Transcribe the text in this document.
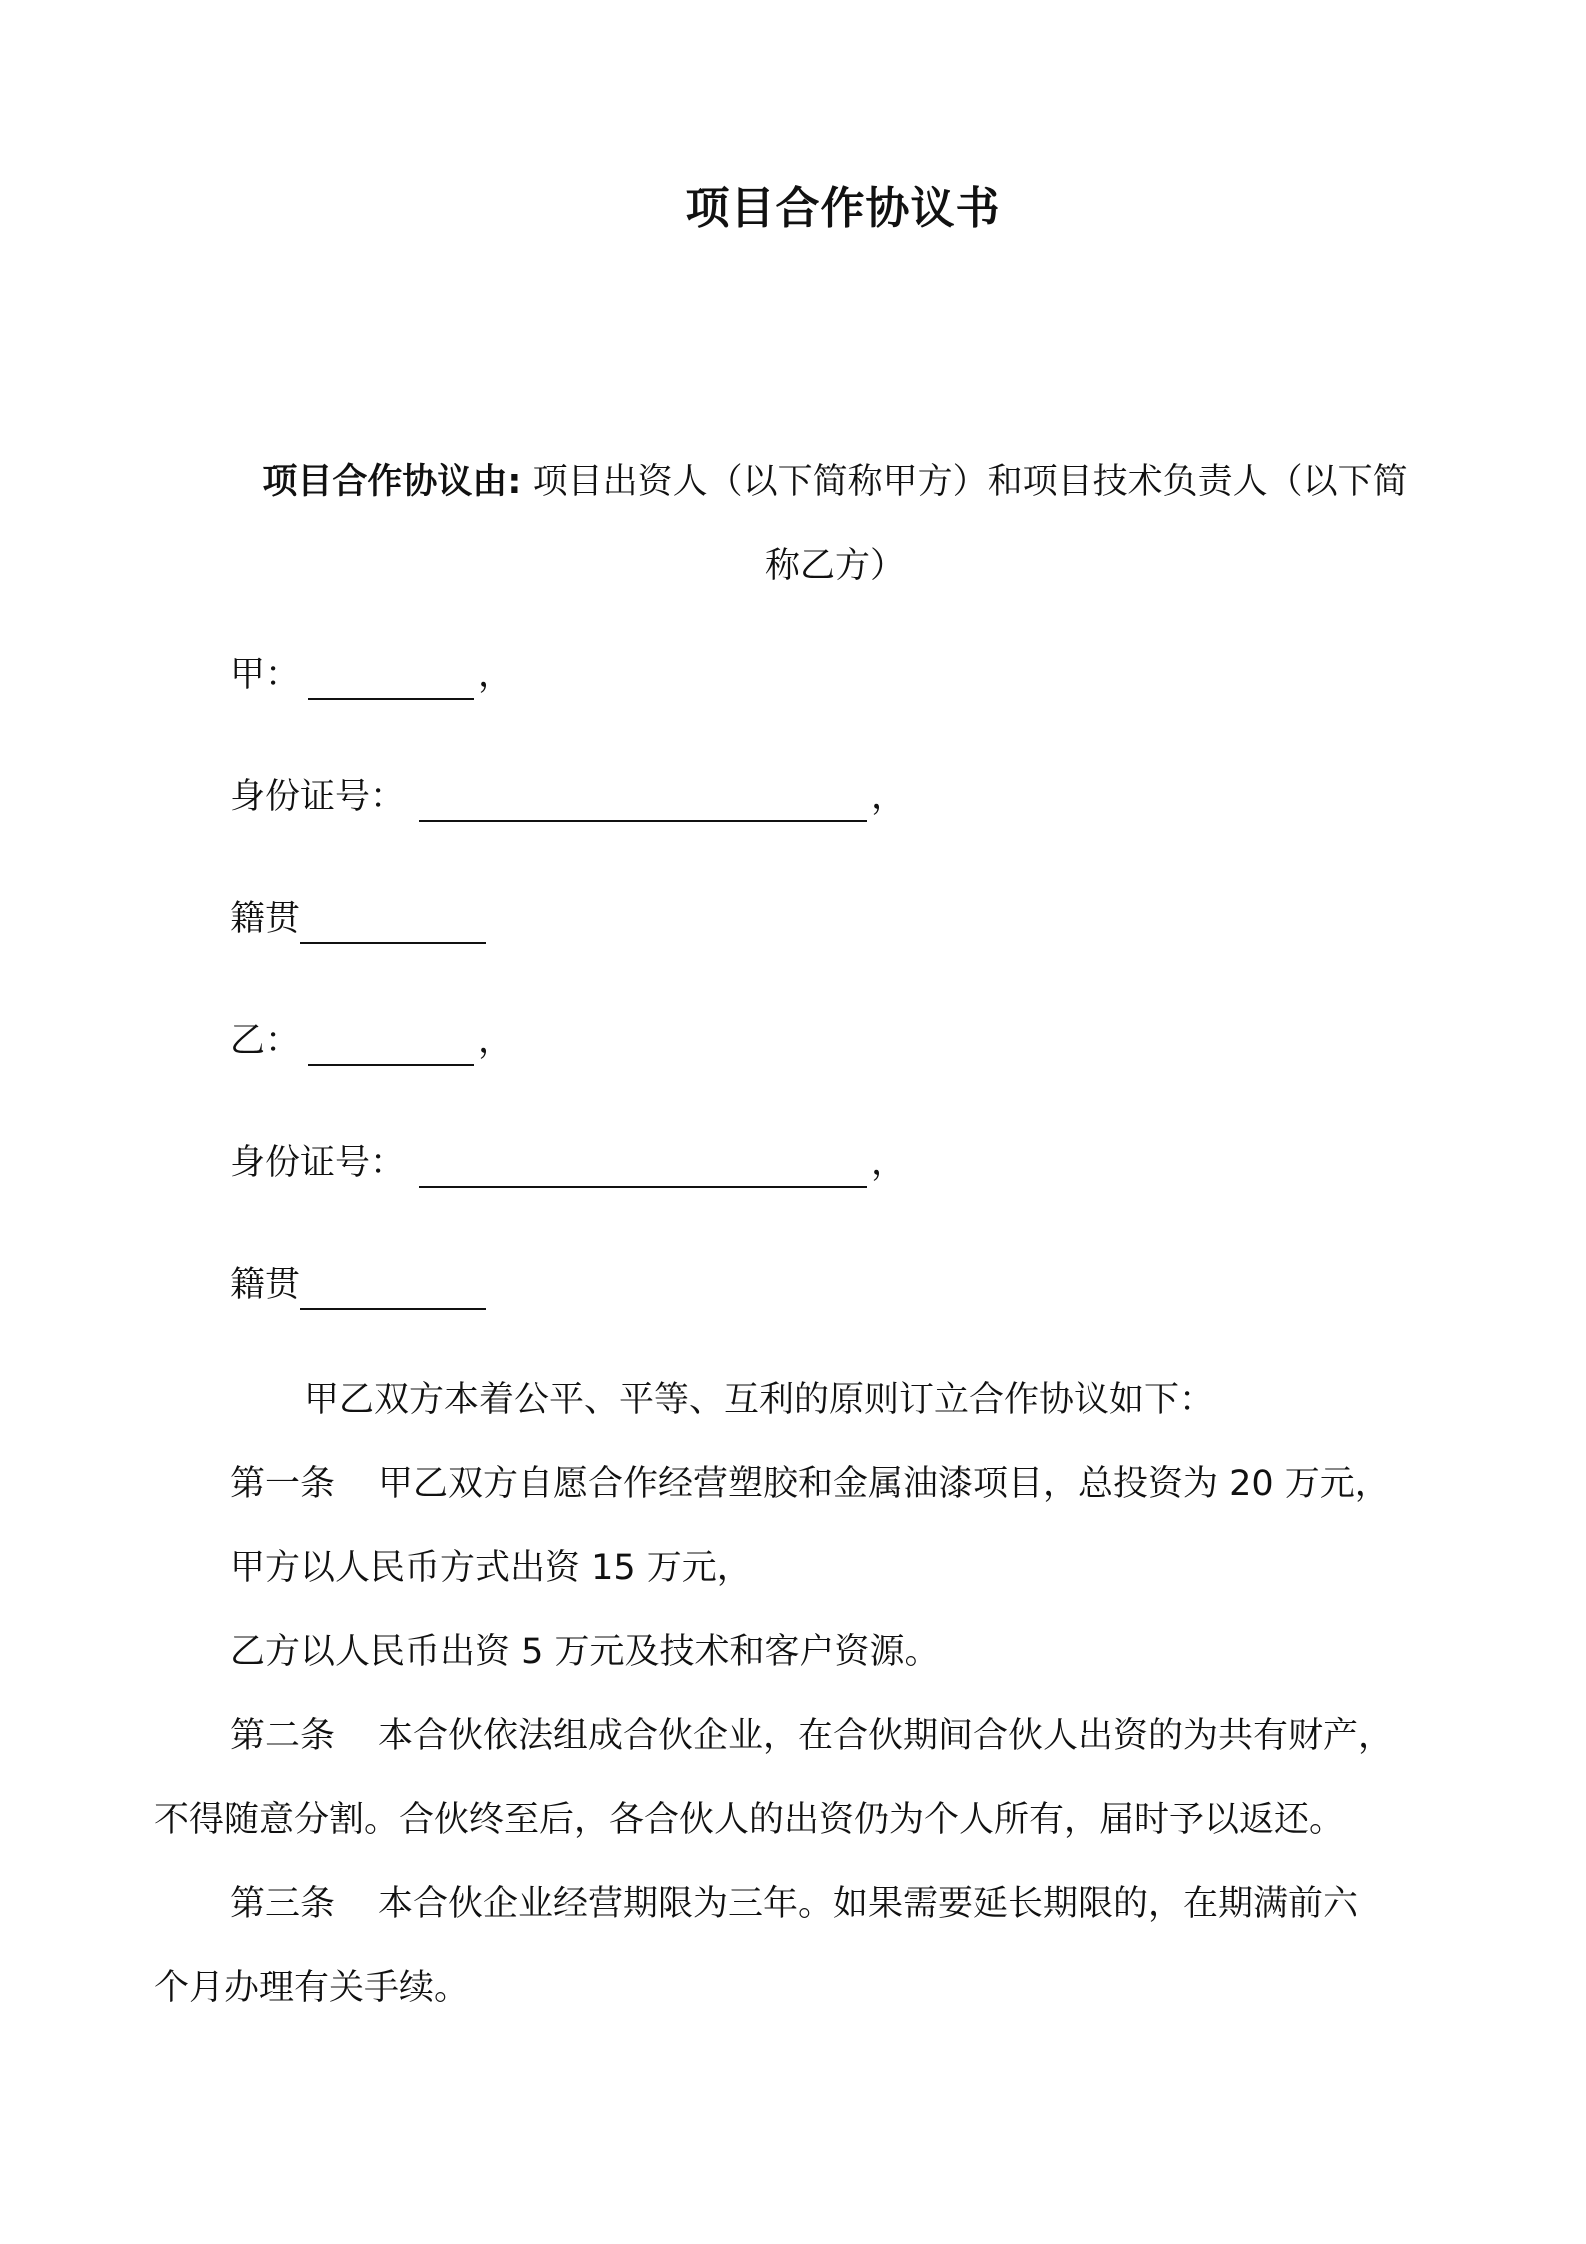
项目合作协议书
项目合作协议由: 项目出资人（以下简称甲方）和项目技术负责人（以下简
称乙方）
甲：	，
身份证号：	，
籍贯
乙：	，
身份证号：	，
籍贯
甲乙双方本着公平、平等、互利的原则订立合作协议如下：
第一条 甲乙双方自愿合作经营塑胶和金属油漆项目，总投资为 20 万元，
甲方以人民币方式出资 15 万元，
乙方以人民币出资 5 万元及技术和客户资源。
第二条 本合伙依法组成合伙企业，在合伙期间合伙人出资的为共有财产，
不得随意分割。合伙终至后，各合伙人的出资仍为个人所有，届时予以返还。
第三条 本合伙企业经营期限为三年。如果需要延长期限的，在期满前六
个月办理有关手续。
